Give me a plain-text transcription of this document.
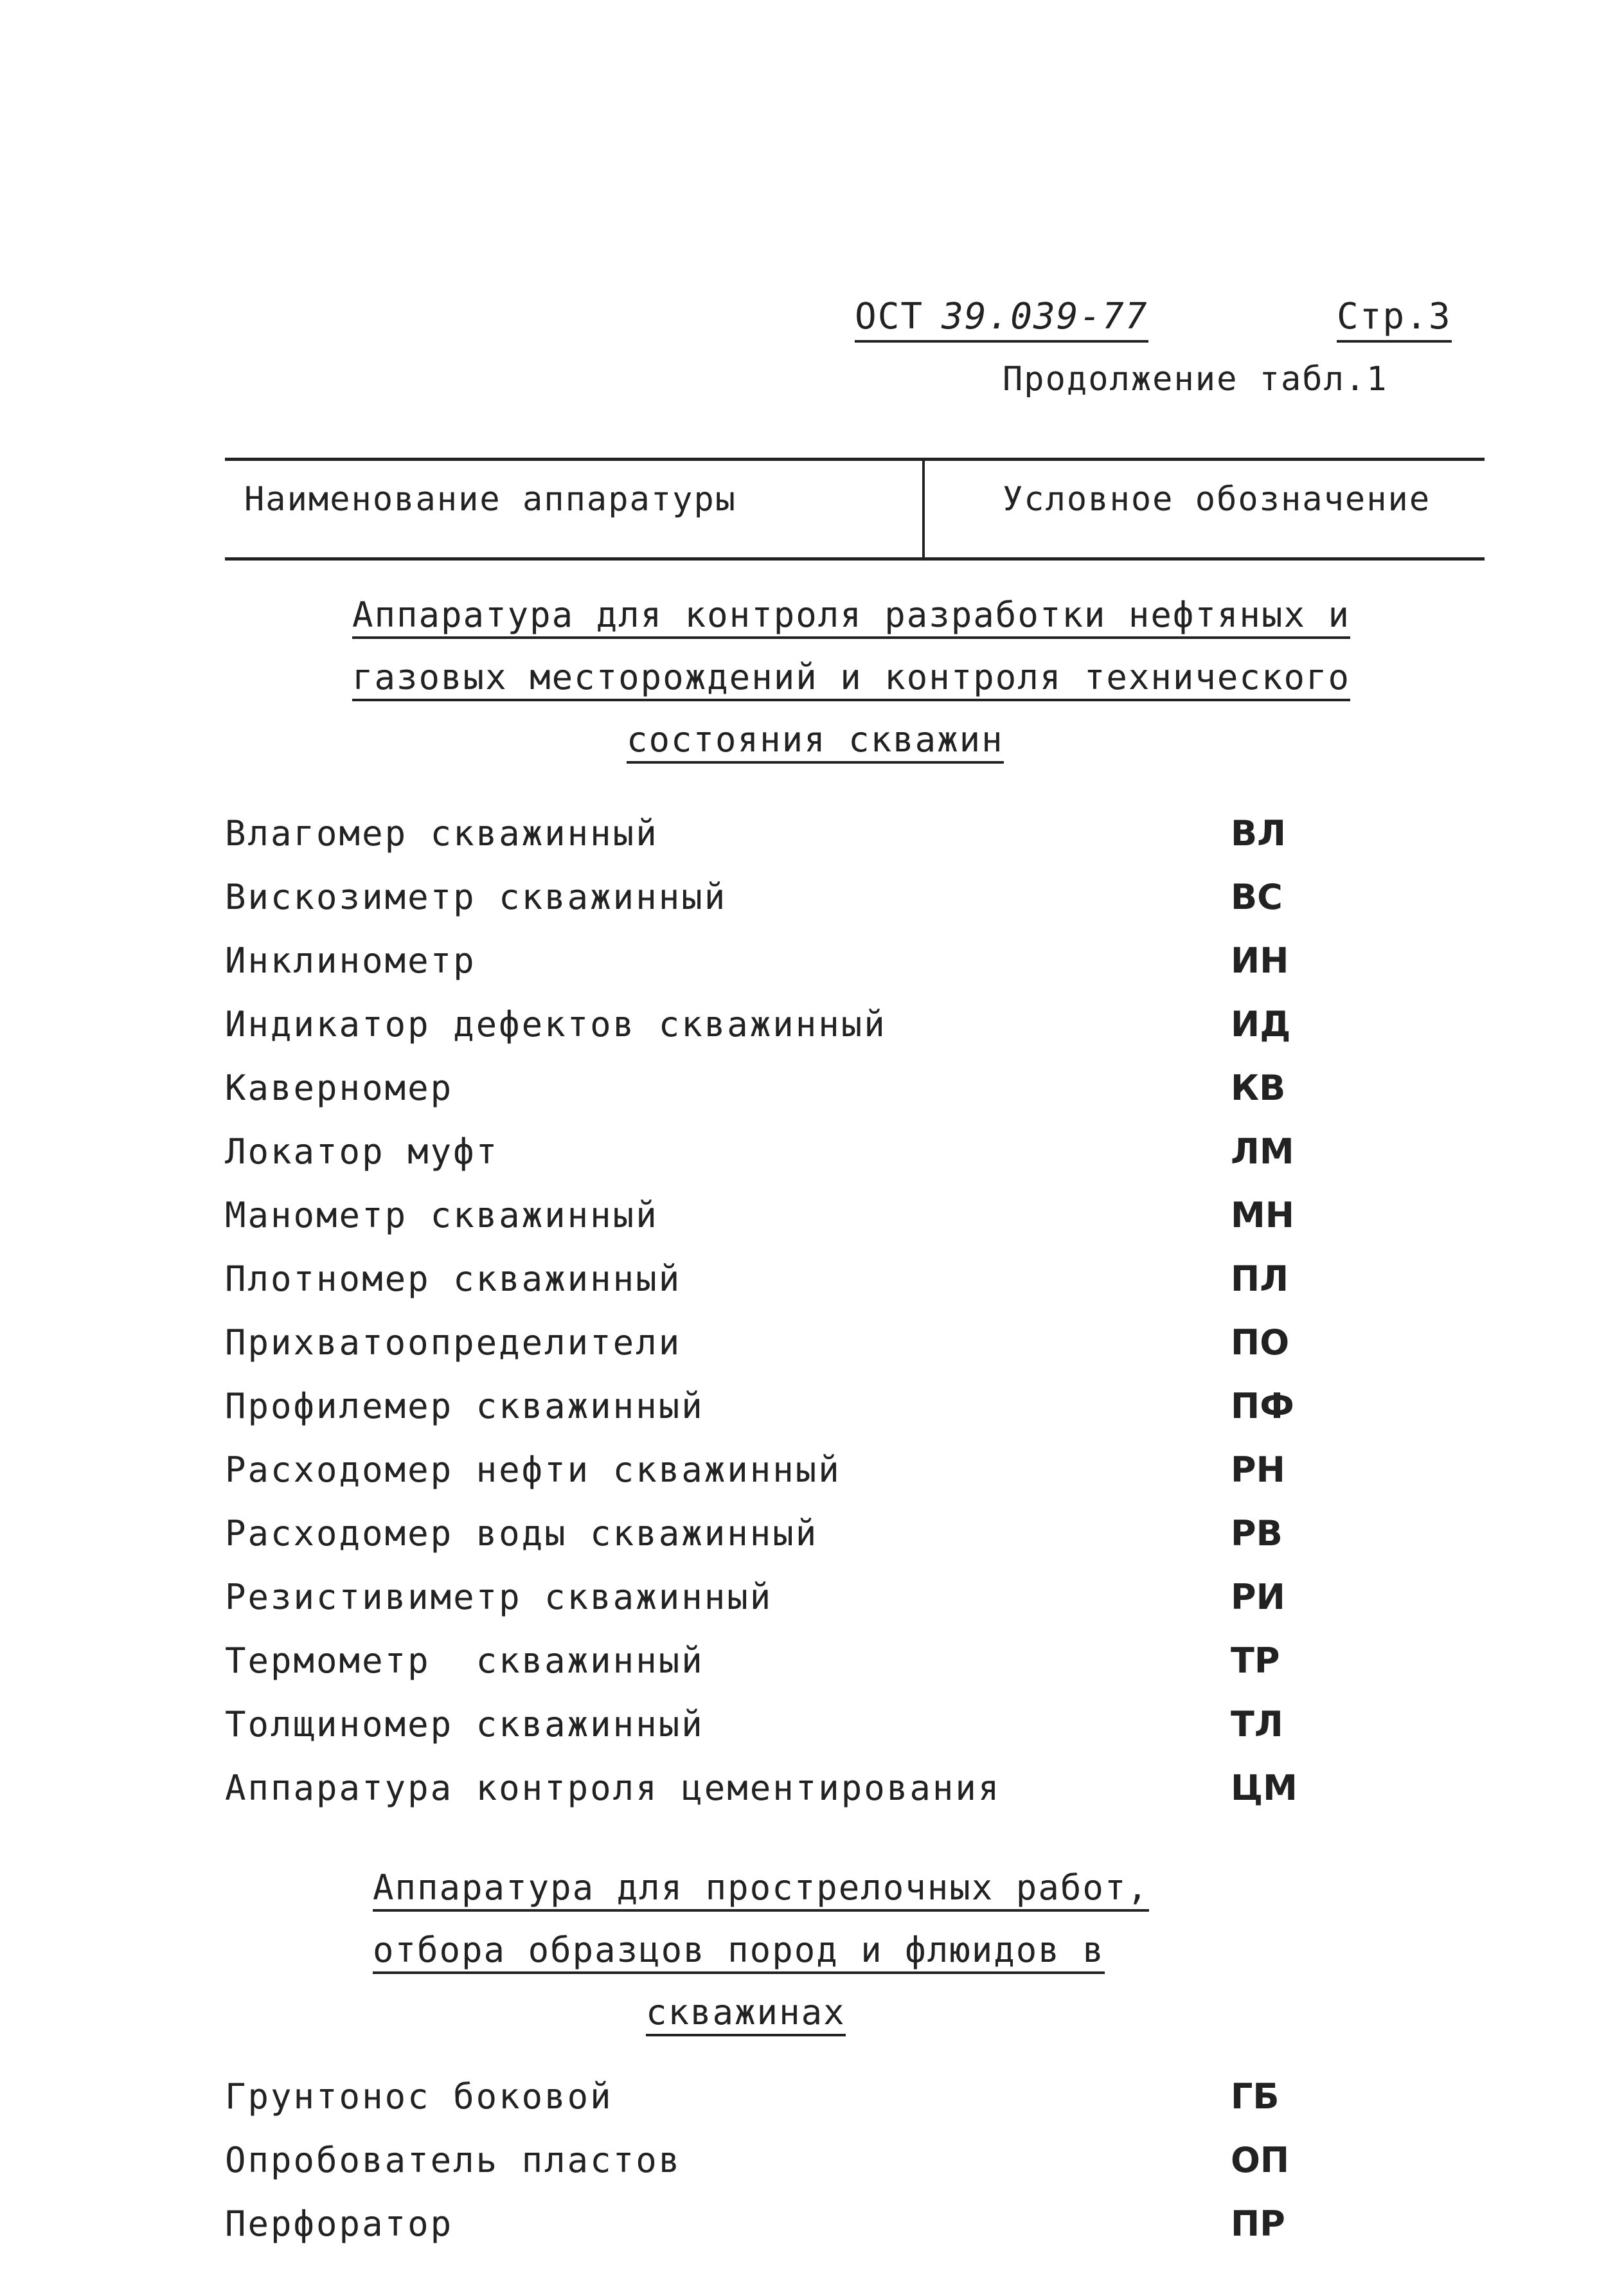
ОСТ 39.039-77	Стр.3
Продолжение табл.1
Наименование аппаратуры	Условное обозначение
Аппаратура для контроля разработки нефтяных и
газовых месторождений и контроля технического
состояния скважин
Влагомер скважинный	ВЛ
Вискозиметр скважинный	ВС
Инклинометр	ИН
Индикатор дефектов скважинный	ИД
Каверномер	КВ
Локатор муфт	ЛМ
Манометр скважинный	МН
Плотномер скважинный	ПЛ
Прихватоопределители	ПО
Профилемер скважинный	ПФ
Расходомер нефти скважинный	РН
Расходомер воды скважинный	РВ
Резистивиметр скважинный	РИ
Термометр  скважинный	ТР
Толщиномер скважинный	ТЛ
Аппаратура контроля цементирования	ЦМ
Аппаратура для прострелочных работ,
отбора образцов пород и флюидов в
скважинах
Грунтонос боковой	ГБ
Опробователь пластов	ОП
Перфоратор	ПР
